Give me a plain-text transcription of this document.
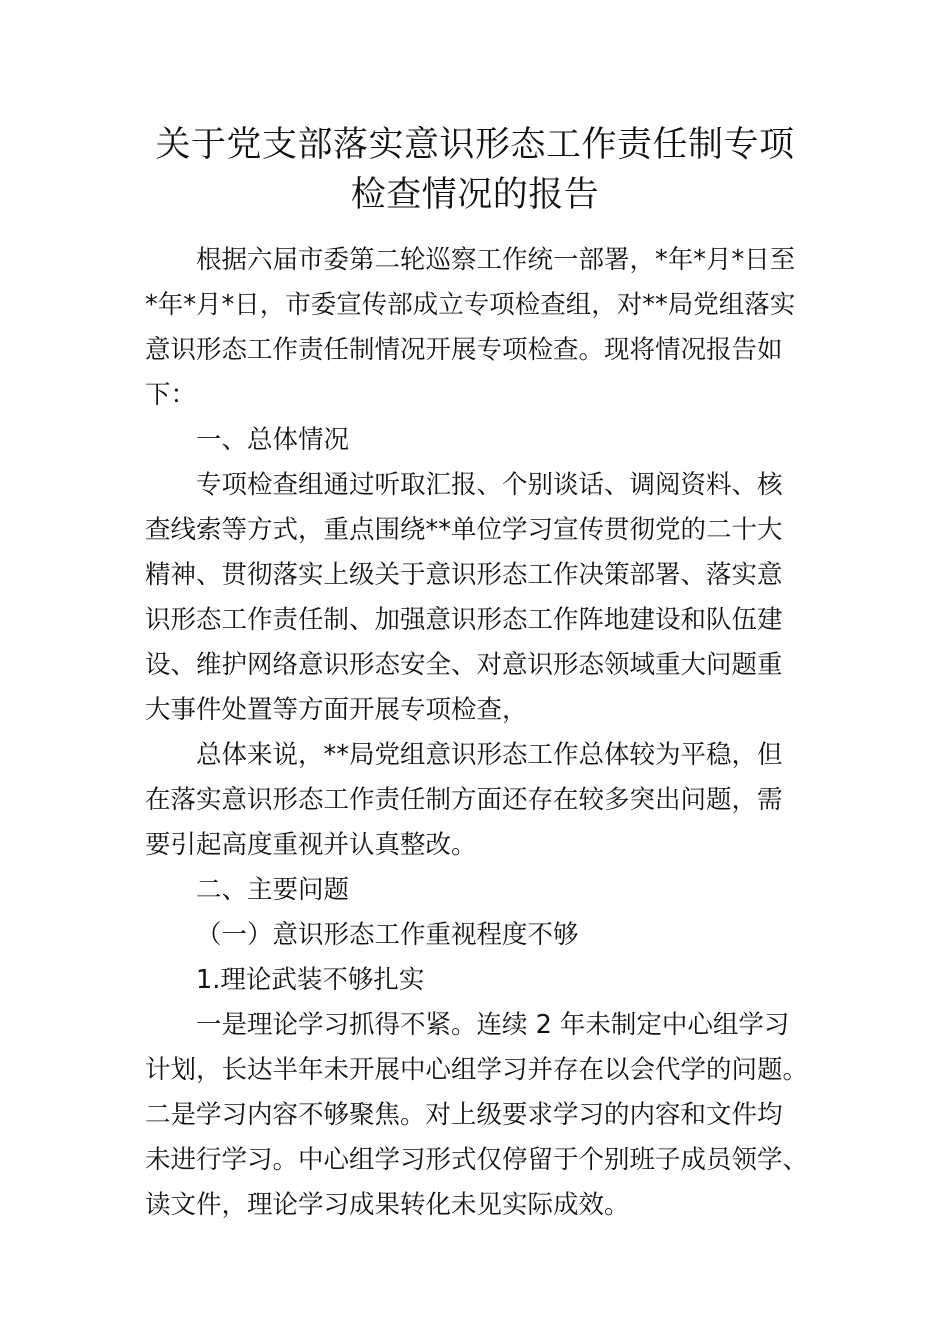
关于党支部落实意识形态工作责任制专项
检查情况的报告
根据六届市委第二轮巡察工作统一部署，*年*月*日至
*年*月*日，市委宣传部成立专项检查组，对**局党组落实
意识形态工作责任制情况开展专项检查。现将情况报告如
下：
一、总体情况
专项检查组通过听取汇报、个别谈话、调阅资料、核
查线索等方式，重点围绕**单位学习宣传贯彻党的二十大
精神、贯彻落实上级关于意识形态工作决策部署、落实意
识形态工作责任制、加强意识形态工作阵地建设和队伍建
设、维护网络意识形态安全、对意识形态领域重大问题重
大事件处置等方面开展专项检查，
总体来说，**局党组意识形态工作总体较为平稳，但
在落实意识形态工作责任制方面还存在较多突出问题，需
要引起高度重视并认真整改。
二、主要问题
（一）意识形态工作重视程度不够
1.理论武装不够扎实
一是理论学习抓得不紧。连续 2 年未制定中心组学习
计划，长达半年未开展中心组学习并存在以会代学的问题。
二是学习内容不够聚焦。对上级要求学习的内容和文件均
未进行学习。中心组学习形式仅停留于个别班子成员领学、
读文件，理论学习成果转化未见实际成效。
